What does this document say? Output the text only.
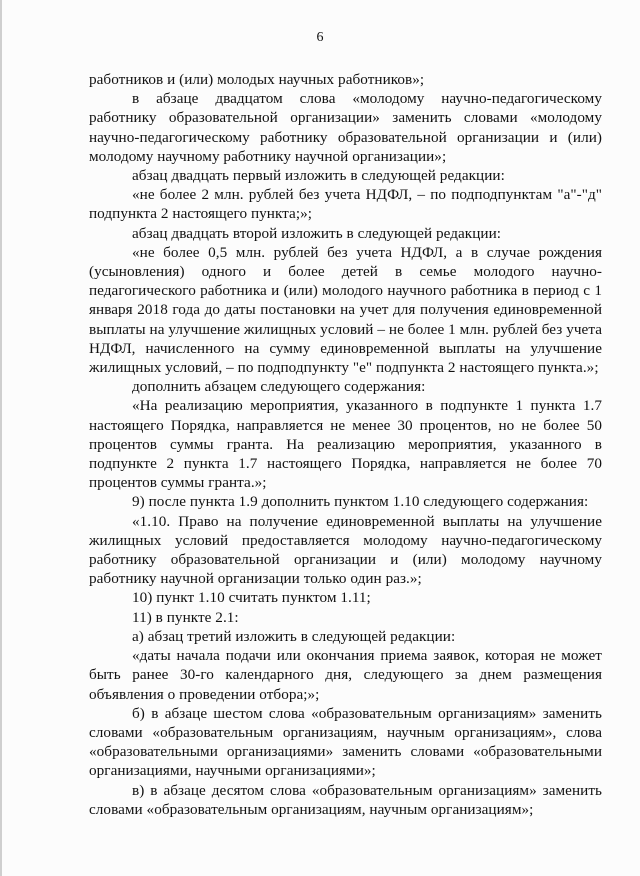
6

работников и (или) молодых научных работников»;

в абзаце двадцатом слова «молодому научно-педагогическому работнику образовательной организации» заменить словами «молодому научно-педагогическому работнику образовательной организации и (или) молодому научному работнику научной организации»;

абзац двадцать первый изложить в следующей редакции:

«не более 2 млн. рублей без учета НДФЛ, – по подподпунктам "а"-"д" подпункта 2 настоящего пункта;»;

абзац двадцать второй изложить в следующей редакции:

«не более 0,5 млн. рублей без учета НДФЛ, а в случае рождения (усыновления) одного и более детей в семье молодого научно-педагогического работника и (или) молодого научного работника в период с 1 января 2018 года до даты постановки на учет для получения единовременной выплаты на улучшение жилищных условий – не более 1 млн. рублей без учета НДФЛ, начисленного на сумму единовременной выплаты на улучшение жилищных условий, – по подподпункту "е" подпункта 2 настоящего пункта.»;

дополнить абзацем следующего содержания:

«На реализацию мероприятия, указанного в подпункте 1 пункта 1.7 настоящего Порядка, направляется не менее 30 процентов, но не более 50 процентов суммы гранта. На реализацию мероприятия, указанного в подпункте 2 пункта 1.7 настоящего Порядка, направляется не более 70 процентов суммы гранта.»;

9) после пункта 1.9 дополнить пунктом 1.10 следующего содержания:

«1.10. Право на получение единовременной выплаты на улучшение жилищных условий предоставляется молодому научно-педагогическому работнику образовательной организации и (или) молодому научному работнику научной организации только один раз.»;

10) пункт 1.10 считать пунктом 1.11;

11) в пункте 2.1:

а) абзац третий изложить в следующей редакции:

«даты начала подачи или окончания приема заявок, которая не может быть ранее 30-го календарного дня, следующего за днем размещения объявления о проведении отбора;»;

б) в абзаце шестом слова «образовательным организациям» заменить словами «образовательным организациям, научным организациям», слова «образовательными организациями» заменить словами «образовательными организациями, научными организациями»;

в) в абзаце десятом слова «образовательным организациям» заменить словами «образовательным организациям, научным организациям»;
